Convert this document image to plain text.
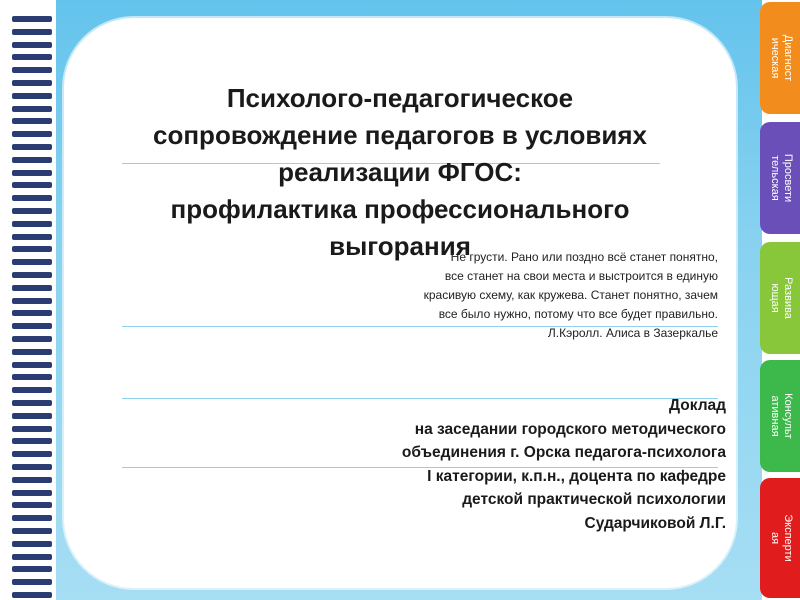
Психолого-педагогическое
сопровождение педагогов в условиях
реализации ФГОС:
профилактика профессионального
выгорания
Не грусти. Рано или поздно всё станет понятно,
все станет на свои места и выстроится в единую
красивую схему, как кружева. Станет понятно, зачем
все было нужно, потому что все будет правильно.
Л.Кэролл. Алиса в Зазеркалье
Доклад
на заседании городского методического
объединения г. Орска педагога-психолога
I категории, к.п.н., доцента по кафедре
детской практической психологии
Сударчиковой Л.Г.
Диагност
ическая
Просвети
тельская
Развива
ющая
Консульт
ативная
Эксперти
ая
